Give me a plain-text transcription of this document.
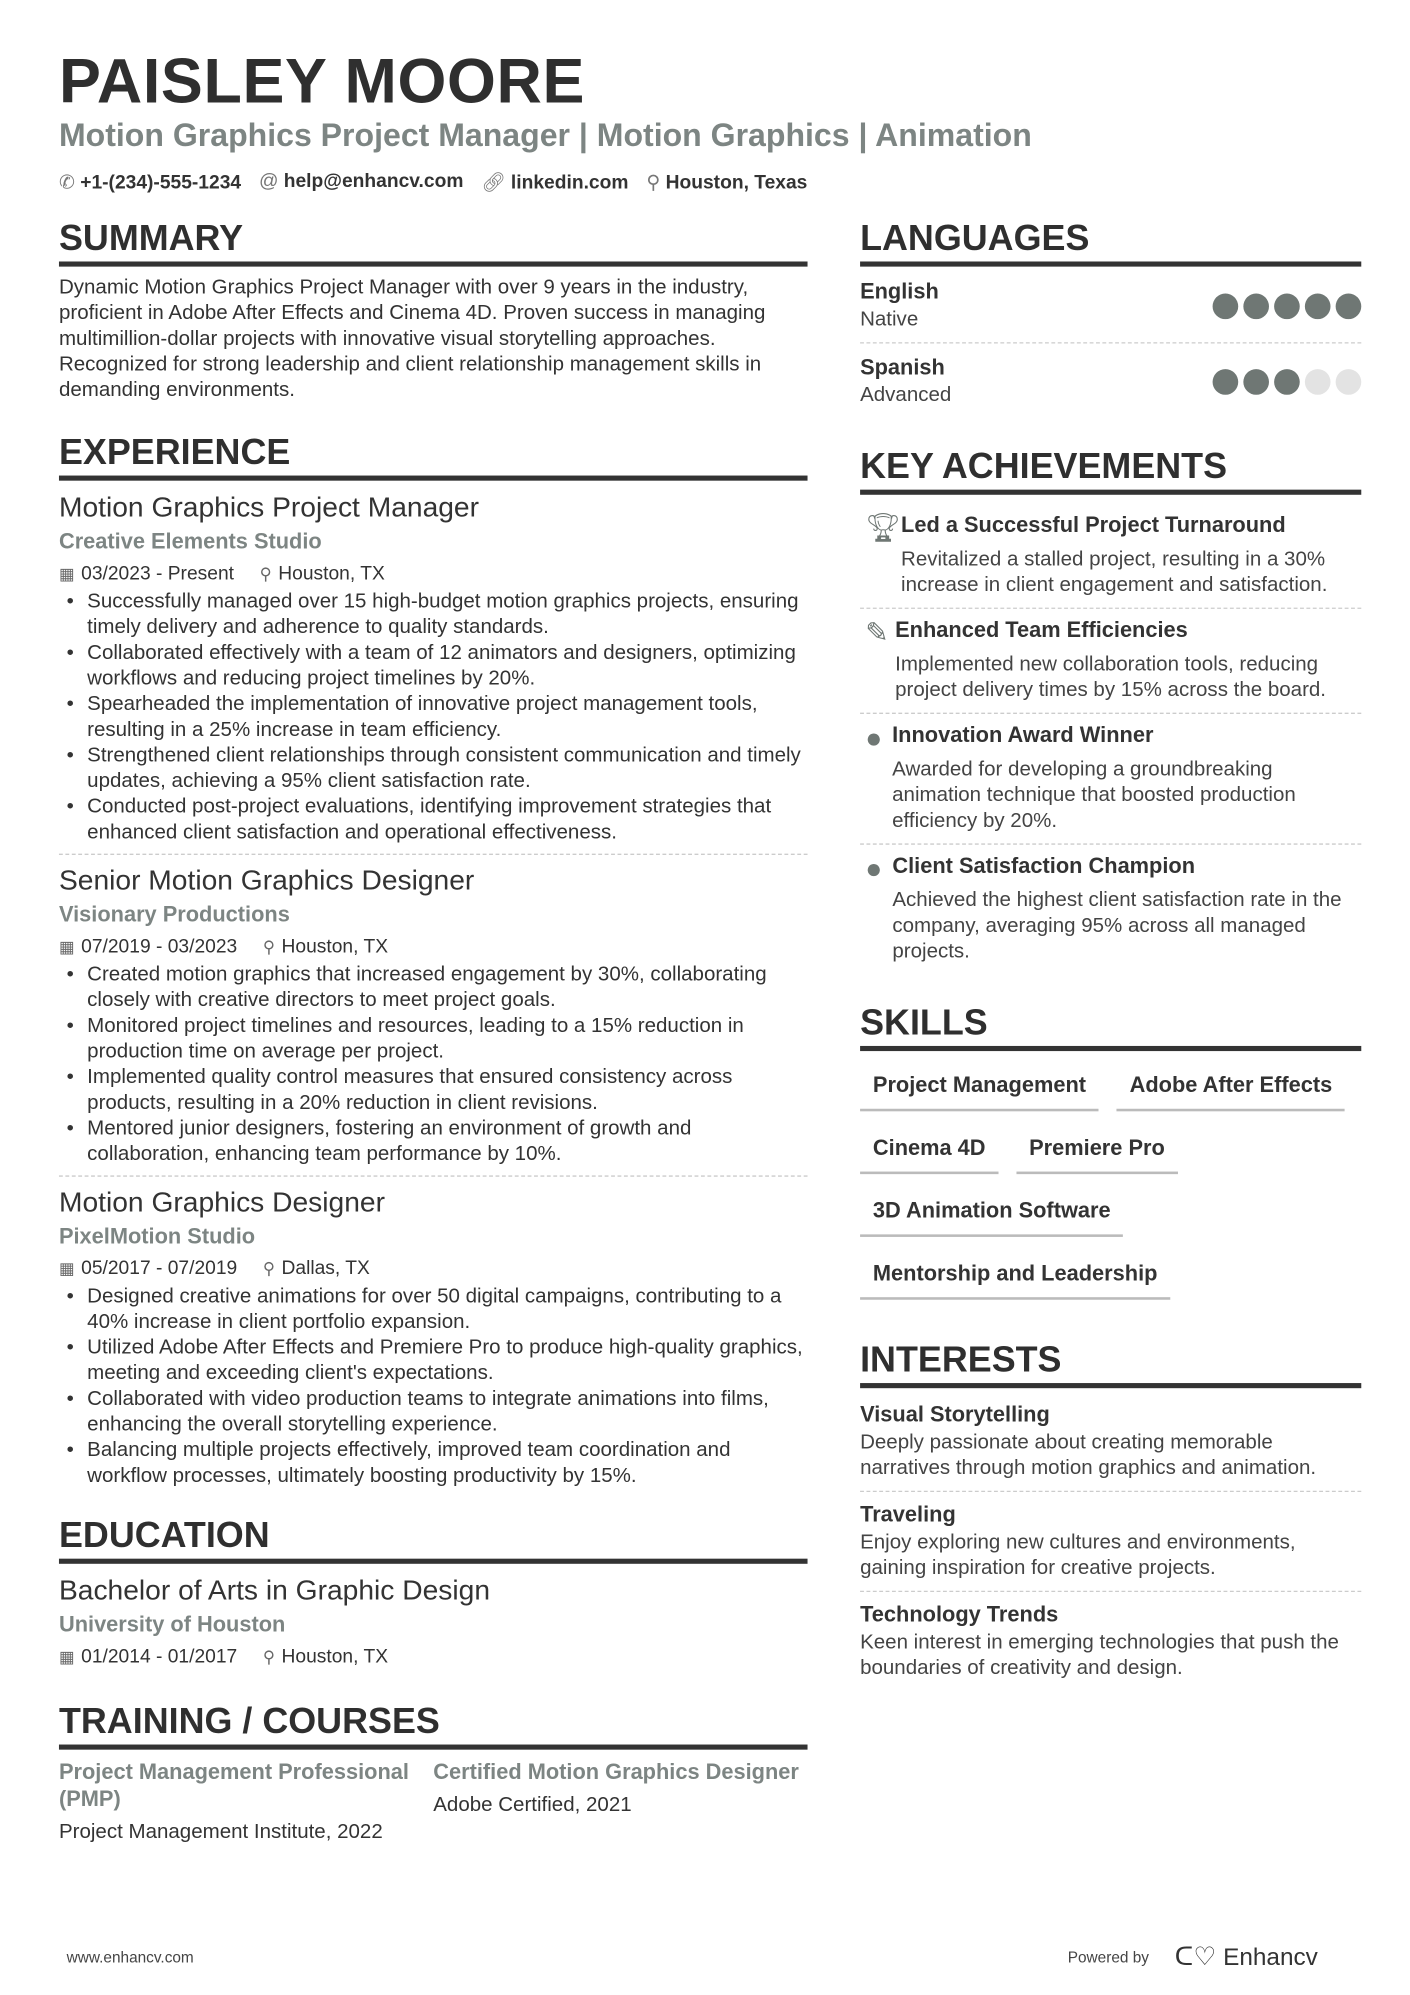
PAISLEY MOORE
Motion Graphics Project Manager | Motion Graphics | Animation
✆ +1-(234)-555-1234 @ help@enhancv.com 🔗︎ linkedin.com ⚲ Houston, Texas
SUMMARY

Dynamic Motion Graphics Project Manager with over 9 years in the industry, proficient in Adobe After Effects and Cinema 4D. Proven success in managing multimillion-dollar projects with innovative visual storytelling approaches. Recognized for strong leadership and client relationship management skills in demanding environments.

EXPERIENCE
Motion Graphics Project Manager
Creative Elements Studio
▦ 03/2023 - Present ⚲ Houston, TX
• Successfully managed over 15 high-budget motion graphics projects, ensuring timely delivery and adherence to quality standards.
• Collaborated effectively with a team of 12 animators and designers, optimizing workflows and reducing project timelines by 20%.
• Spearheaded the implementation of innovative project management tools, resulting in a 25% increase in team efficiency.
• Strengthened client relationships through consistent communication and timely updates, achieving a 95% client satisfaction rate.
• Conducted post-project evaluations, identifying improvement strategies that enhanced client satisfaction and operational effectiveness.
Senior Motion Graphics Designer
Visionary Productions
▦ 07/2019 - 03/2023 ⚲ Houston, TX
• Created motion graphics that increased engagement by 30%, collaborating closely with creative directors to meet project goals.
• Monitored project timelines and resources, leading to a 15% reduction in production time on average per project.
• Implemented quality control measures that ensured consistency across products, resulting in a 20% reduction in client revisions.
• Mentored junior designers, fostering an environment of growth and collaboration, enhancing team performance by 10%.
Motion Graphics Designer
PixelMotion Studio
▦ 05/2017 - 07/2019 ⚲ Dallas, TX
• Designed creative animations for over 50 digital campaigns, contributing to a 40% increase in client portfolio expansion.
• Utilized Adobe After Effects and Premiere Pro to produce high-quality graphics, meeting and exceeding client's expectations.
• Collaborated with video production teams to integrate animations into films, enhancing the overall storytelling experience.
• Balancing multiple projects effectively, improved team coordination and workflow processes, ultimately boosting productivity by 15%.
EDUCATION
Bachelor of Arts in Graphic Design
University of Houston
▦ 01/2014 - 01/2017 ⚲ Houston, TX
TRAINING / COURSES
Project Management Professional (PMP)
Project Management Institute, 2022
Certified Motion Graphics Designer
Adobe Certified, 2021
LANGUAGES
English
Native
Spanish
Advanced
KEY ACHIEVEMENTS
🏆︎ Led a Successful Project Turnaround
Revitalized a stalled project, resulting in a 30% increase in client engagement and satisfaction.
✎ Enhanced Team Efficiencies
Implemented new collaboration tools, reducing project delivery times by 15% across the board.
● Innovation Award Winner
Awarded for developing a groundbreaking animation technique that boosted production efficiency by 20%.
● Client Satisfaction Champion
Achieved the highest client satisfaction rate in the company, averaging 95% across all managed projects.
SKILLS
Project Management	Adobe After Effects
Cinema 4D	Premiere Pro
3D Animation Software
Mentorship and Leadership
INTERESTS
Visual Storytelling
Deeply passionate about creating memorable narratives through motion graphics and animation.
Traveling
Enjoy exploring new cultures and environments, gaining inspiration for creative projects.
Technology Trends
Keen interest in emerging technologies that push the boundaries of creativity and design.
www.enhancv.com	Powered by ᑕ♡ Enhancv
